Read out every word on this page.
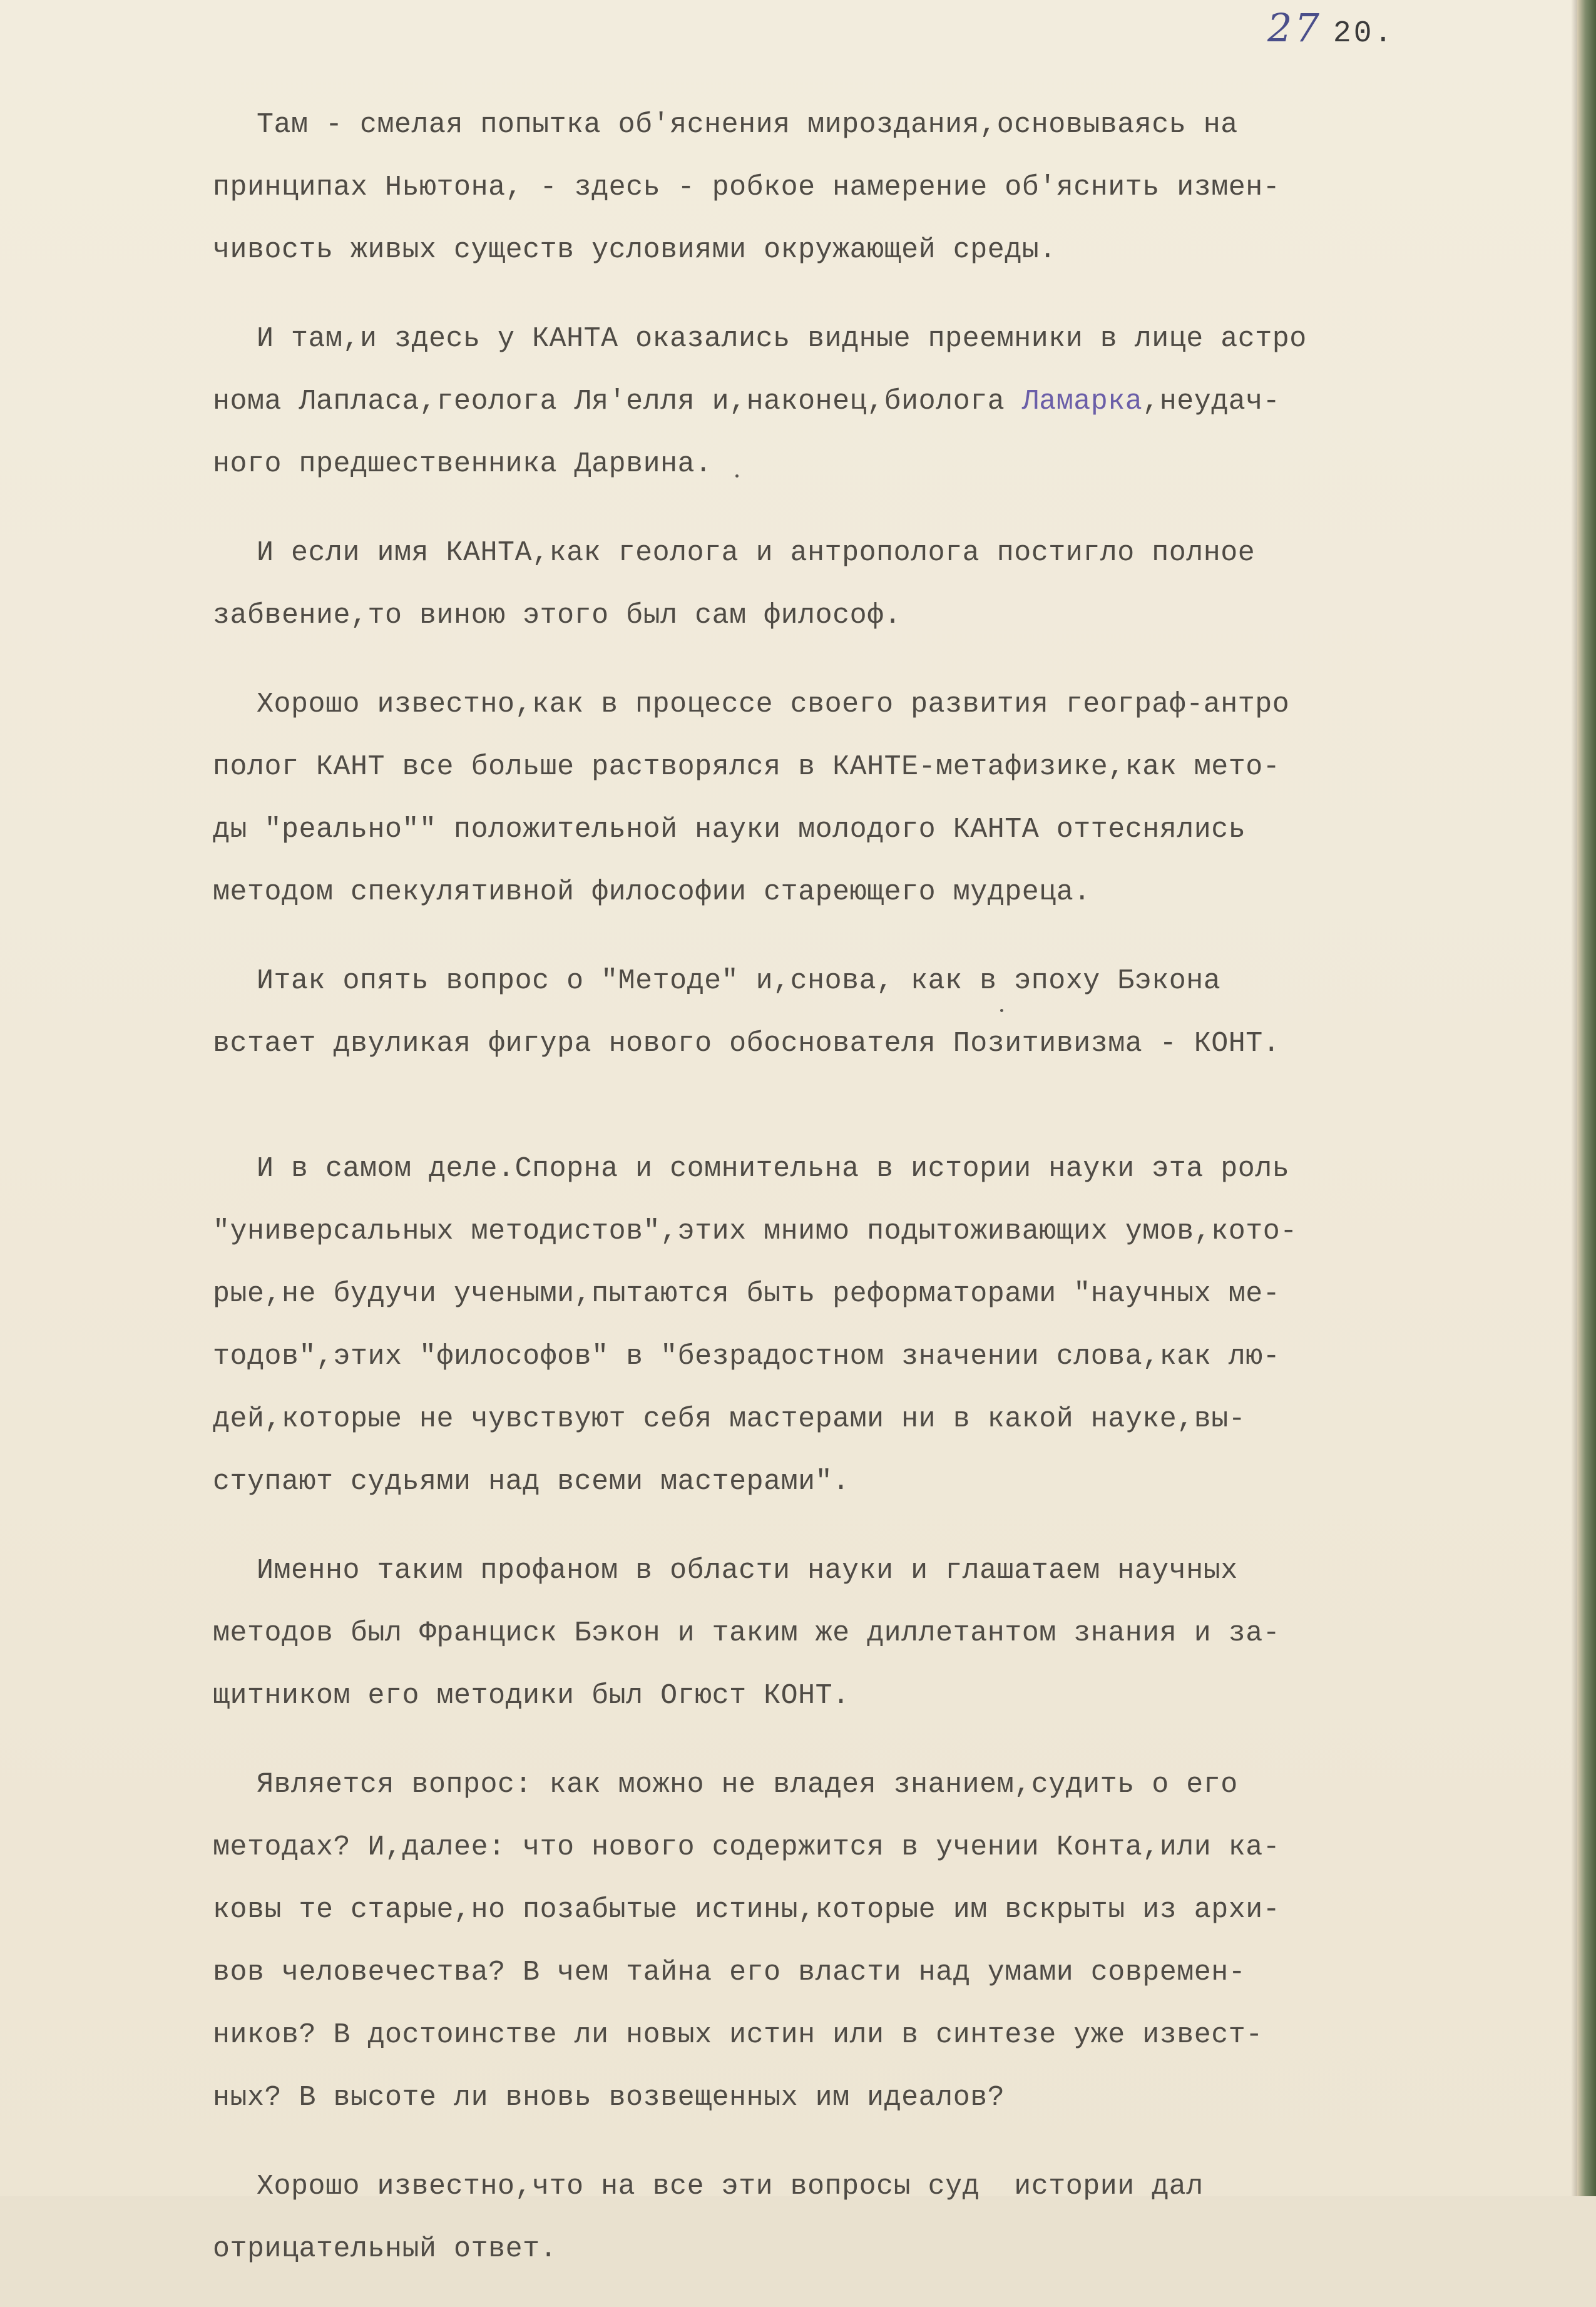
27 20.

Там - смелая попытка об'яснения мироздания,основываясь на
принципах Ньютона, - здесь - робкое намерение об'яснить измен-
чивость живых существ условиями окружающей среды.

И там,и здесь у КАНТА оказались видные преемники в лице астро
нома Лапласа,геолога Ля'елля и,наконец,биолога Ламарка,неудач-
ного предшественника Дарвина.

И если имя КАНТА,как геолога и антрополога постигло полное
забвение,то виною этого был сам философ.

Хорошо известно,как в процессе своего развития географ-антро
полог КАНТ все больше растворялся в КАНТЕ-метафизике,как мето-
ды "реально"" положительной науки молодого КАНТА оттеснялись
методом спекулятивной философии стареющего мудреца.

Итак опять вопрос о "Методе" и,снова, как в эпоху Бэкона
встает двуликая фигура нового обоснователя Позитивизма - КОНТ.

И в самом деле.Спорна и сомнительна в истории науки эта роль
"универсальных методистов",этих мнимо подытоживающих умов,кото-
рые,не будучи учеными,пытаются быть реформаторами "научных ме-
тодов",этих "философов" в "безрадостном значении слова,как лю-
дей,которые не чувствуют себя мастерами ни в какой науке,вы-
ступают судьями над всеми мастерами".

Именно таким профаном в области науки и глашатаем научных
методов был Франциск Бэкон и таким же диллетантом знания и за-
щитником его методики был Огюст КОНТ.

Является вопрос: как можно не владея знанием,судить о его
методах? И,далее: что нового содержится в учении Конта,или ка-
ковы те старые,но позабытые истины,которые им вскрыты из архи-
вов человечества? В чем тайна его власти над умами современ-
ников? В достоинстве ли новых истин или в синтезе уже извест-
ных? В высоте ли вновь возвещенных им идеалов?

Хорошо известно,что на все эти вопросы суд  истории дал
отрицательный ответ.
